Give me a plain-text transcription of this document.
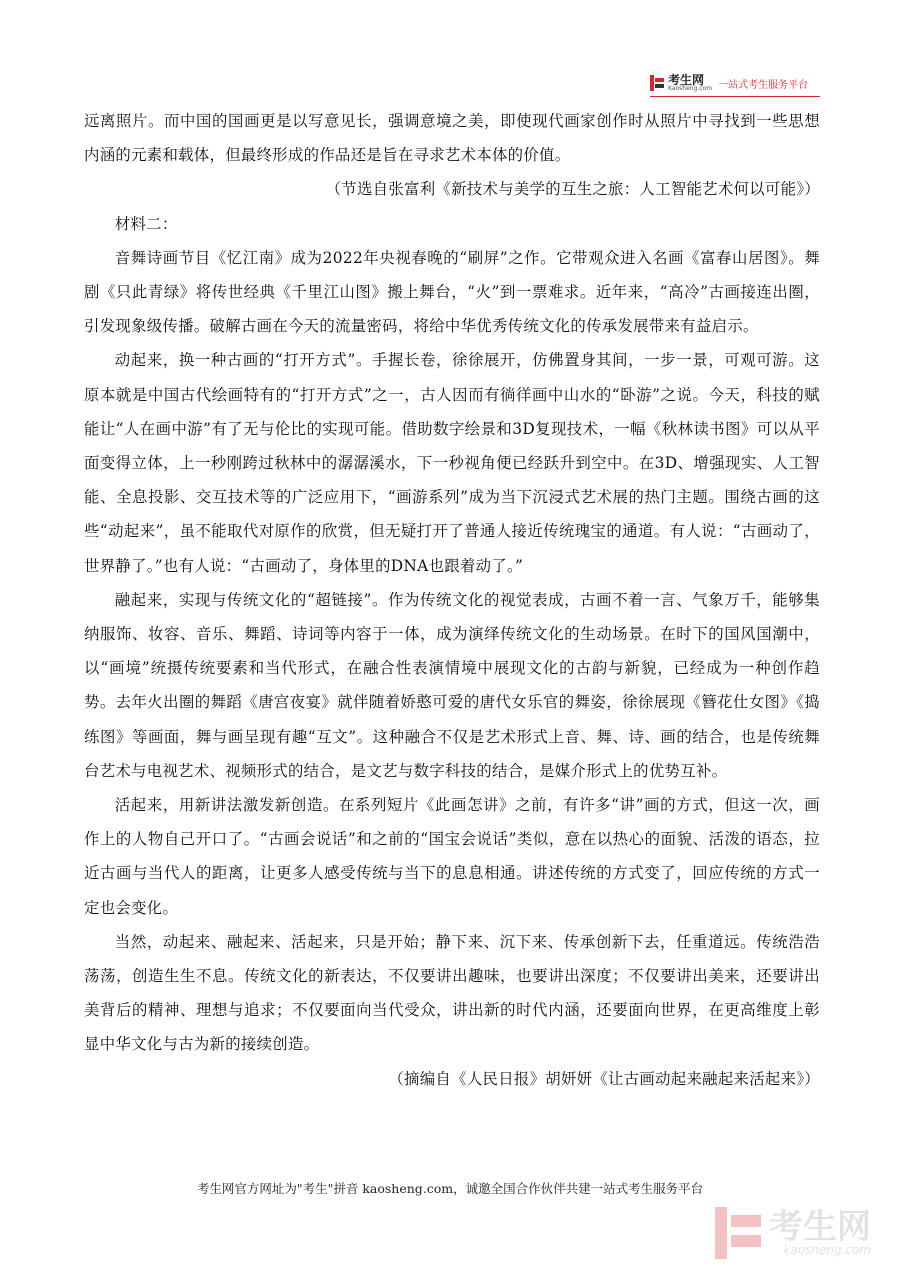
考生网
Kaosheng.com 一站式考生服务平台

远离照片。而中国的国画更是以写意见长，强调意境之美，即使现代画家创作时从照片中寻找到一些思想内涵的元素和载体，但最终形成的作品还是旨在寻求艺术本体的价值。

（节选自张富利《新技术与美学的互生之旅：人工智能艺术何以可能》）

材料二：

音舞诗画节目《忆江南》成为2022年央视春晚的“刷屏”之作。它带观众进入名画《富春山居图》。舞剧《只此青绿》将传世经典《千里江山图》搬上舞台，“火”到一票难求。近年来，“高冷”古画接连出圈，引发现象级传播。破解古画在今天的流量密码，将给中华优秀传统文化的传承发展带来有益启示。

动起来，换一种古画的“打开方式”。手握长卷，徐徐展开，仿佛置身其间，一步一景，可观可游。这原本就是中国古代绘画特有的“打开方式”之一，古人因而有徜徉画中山水的“卧游”之说。今天，科技的赋能让“人在画中游”有了无与伦比的实现可能。借助数字绘景和3D复现技术，一幅《秋林读书图》可以从平面变得立体，上一秒刚跨过秋林中的潺潺溪水，下一秒视角便已经跃升到空中。在3D、增强现实、人工智能、全息投影、交互技术等的广泛应用下，“画游系列”成为当下沉浸式艺术展的热门主题。围绕古画的这些“动起来”，虽不能取代对原作的欣赏，但无疑打开了普通人接近传统瑰宝的通道。有人说：“古画动了，世界静了。”也有人说：“古画动了，身体里的DNA也跟着动了。”

融起来，实现与传统文化的“超链接”。作为传统文化的视觉表成，古画不着一言、气象万千，能够集纳服饰、妆容、音乐、舞蹈、诗词等内容于一体，成为演绎传统文化的生动场景。在时下的国风国潮中，以“画境”统摄传统要素和当代形式，在融合性表演情境中展现文化的古韵与新貌，已经成为一种创作趋势。去年火出圈的舞蹈《唐宫夜宴》就伴随着娇憨可爱的唐代女乐官的舞姿，徐徐展现《簪花仕女图》《捣练图》等画面，舞与画呈现有趣“互文”。这种融合不仅是艺术形式上音、舞、诗、画的结合，也是传统舞台艺术与电视艺术、视频形式的结合，是文艺与数字科技的结合，是媒介形式上的优势互补。

活起来，用新讲法激发新创造。在系列短片《此画怎讲》之前，有许多“讲”画的方式，但这一次，画作上的人物自己开口了。“古画会说话”和之前的“国宝会说话”类似，意在以热心的面貌、活泼的语态，拉近古画与当代人的距离，让更多人感受传统与当下的息息相通。讲述传统的方式变了，回应传统的方式一定也会变化。

当然，动起来、融起来、活起来，只是开始；静下来、沉下来、传承创新下去，任重道远。传统浩浩荡荡，创造生生不息。传统文化的新表达，不仅要讲出趣味，也要讲出深度；不仅要讲出美来，还要讲出美背后的精神、理想与追求；不仅要面向当代受众，讲出新的时代内涵，还要面向世界，在更高维度上彰显中华文化与古为新的接续创造。

（摘编自《人民日报》胡妍妍《让古画动起来融起来活起来》）

考生网官方网址为"考生"拼音 kaosheng.com，诚邀全国合作伙伴共建一站式考生服务平台
考生网
kaosheng.com
